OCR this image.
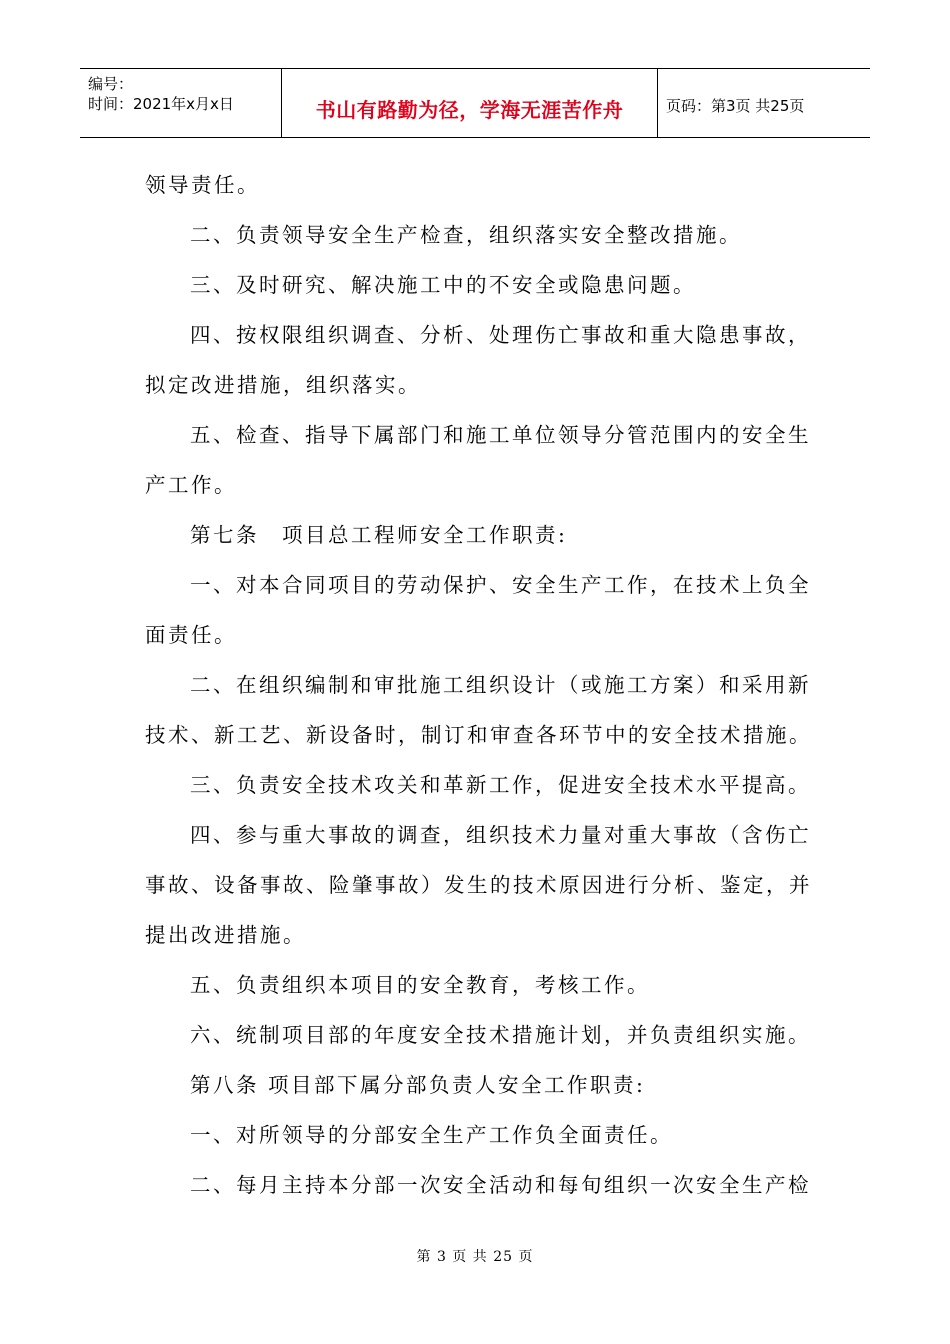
编号：
时间：2021年x月x日	书山有路勤为径，学海无涯苦作舟	页码：第3页 共25页
领导责任。
二、负责领导安全生产检查，组织落实安全整改措施。
三、及时研究、解决施工中的不安全或隐患问题。
四、按权限组织调查、分析、处理伤亡事故和重大隐患事故，
拟定改进措施，组织落实。
五、检查、指导下属部门和施工单位领导分管范围内的安全生
产工作。
第七条　项目总工程师安全工作职责:
一、对本合同项目的劳动保护、安全生产工作，在技术上负全
面责任。
二、在组织编制和审批施工组织设计（或施工方案）和采用新
技术、新工艺、新设备时，制订和审查各环节中的安全技术措施。
三、负责安全技术攻关和革新工作，促进安全技术水平提高。
四、参与重大事故的调查，组织技术力量对重大事故（含伤亡
事故、设备事故、险肇事故）发生的技术原因进行分析、鉴定，并
提出改进措施。
五、负责组织本项目的安全教育，考核工作。
六、统制项目部的年度安全技术措施计划，并负责组织实施。
第八条 项目部下属分部负责人安全工作职责:
一、对所领导的分部安全生产工作负全面责任。
二、每月主持本分部一次安全活动和每旬组织一次安全生产检
第 3 页 共 25 页
